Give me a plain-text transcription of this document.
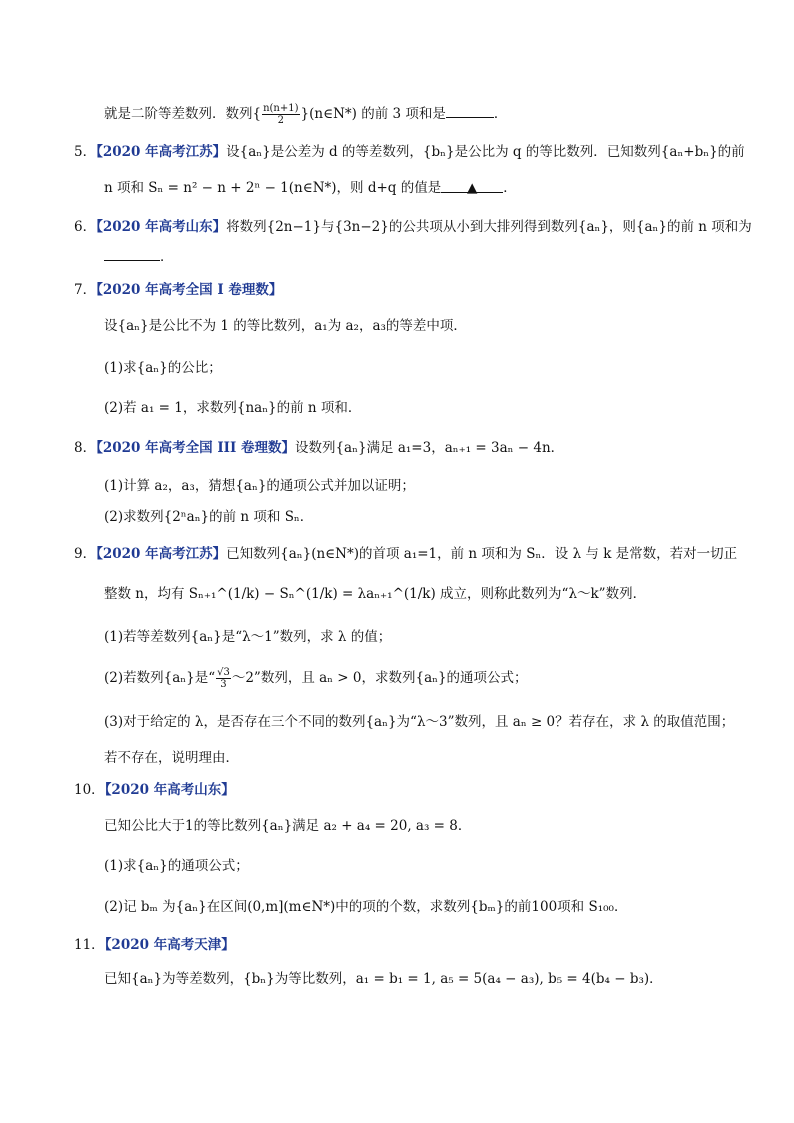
就是二阶等差数列．数列{ $\frac{n(n+1)}{2}$ }(n∈N*) 的前 3 项和是	．
5．【2020 年高考江苏】设{aₙ}是公差为 d 的等差数列，{bₙ}是公比为 q 的等比数列．已知数列{aₙ+bₙ}的前
n 项和 Sₙ = n² − n + 2ⁿ − 1(n∈N*)，则 d+q 的值是 ▲ ．
6．【2020 年高考山东】将数列{2n−1}与{3n−2}的公共项从小到大排列得到数列{aₙ}，则{aₙ}的前 n 项和为
．
7．【2020 年高考全国 I 卷理数】
设{aₙ}是公比不为 1 的等比数列，a₁为 a₂，a₃的等差中项．
(1)求{aₙ}的公比；
(2)若 a₁ = 1，求数列{naₙ}的前 n 项和．
8．【2020 年高考全国 III 卷理数】设数列{aₙ}满足 a₁=3，aₙ₊₁ = 3aₙ − 4n．
(1)计算 a₂，a₃，猜想{aₙ}的通项公式并加以证明；
(2)求数列{2ⁿaₙ}的前 n 项和 Sₙ．
9．【2020 年高考江苏】已知数列{aₙ}(n∈N*)的首项 a₁=1，前 n 项和为 Sₙ．设 λ 与 k 是常数，若对一切正
整数 n，均有 Sₙ₊₁^(1/k) − Sₙ^(1/k) = λaₙ₊₁^(1/k) 成立，则称此数列为“λ～k”数列．
(1)若等差数列{aₙ}是“λ～1”数列，求 λ 的值；
(2)若数列{aₙ}是“ $\frac{√3}{3}$ ～2”数列，且 aₙ > 0，求数列{aₙ}的通项公式；
(3)对于给定的 λ，是否存在三个不同的数列{aₙ}为“λ～3”数列，且 aₙ ≥ 0？若存在，求 λ 的取值范围；
若不存在，说明理由．
10．【2020 年高考山东】
已知公比大于1的等比数列{aₙ}满足 a₂ + a₄ = 20, a₃ = 8．
(1)求{aₙ}的通项公式；
(2)记 bₘ 为{aₙ}在区间(0,m](m∈N*)中的项的个数，求数列{bₘ}的前100项和 S₁₀₀．
11．【2020 年高考天津】
已知{aₙ}为等差数列，{bₙ}为等比数列，a₁ = b₁ = 1, a₅ = 5(a₄ − a₃), b₅ = 4(b₄ − b₃)．
